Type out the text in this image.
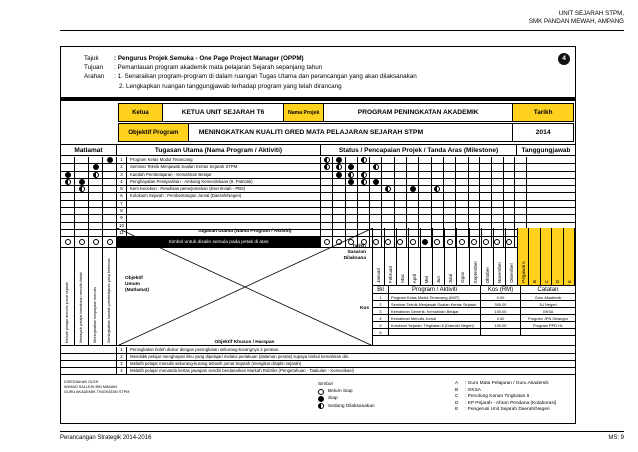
UNIT SEJARAH STPM,
SMK PANDAN MEWAH, AMPANG
4
Tajuk : Pengurus Projek Semuka - One Page Project Manager (OPPM)
Tujuan : Pemantauan program akademik mata pelajaran Sejarah sepanjang tahun
Arahan : 1. Senaraikan program-program di dalam ruangan Tugas Utama dan perancangan yang akan dilaksanakan
2. Lengkapkan ruangan tanggungjawab terhadap program yang telah dirancang
Ketua	KETUA UNIT SEJARAH T6	Nama Projek	PROGRAM PENINGKATAN AKADEMIK	Tarikh
Objektif Program	MENINGKATKAN KUALITI GRED MATA PELAJARAN SEJARAH STPM	2014
Matlamat	Tugasan Utama (Nama Program / Aktiviti)	Status / Pencapaian Projek / Tanda Aras (Milestone)	Tanggungjawab
1	Program Kelas Modul Terancang
2	Seminar Teknik Menjawab Soalan Kertas Sejarah STPM
3	Kaedah Pembelajaran - Kemahiran Belajar
4	Penghayatan Pesejarahan - Ambang Kemerdekaan (8. Patriotik)
5	Kem Kecekun : Penulisan penerjemahan (Esei Ilmiah - PBS)
6	Kolokium Sejarah : Pembentangan Jurnal (Daerah/Negeri)
7
8
9
10
11
Simbol untuk disalin semula pada petak di atas
Meluah pelajar menulis jurnal sejarah	Memupuk pelajar kemahiran menulis ilmiah	Meningkatkan keupayaan menulis	Meningkatkan kaedah pembelajaran yang berkesan
Tugasan Utama (Nama Program / Aktiviti)
Objektif
Umum
(Matlamat)
Tarikh
Sasaran
Dilaksana
Kos
Objektif Khusus / Harapan
Januari Februari Mac April Mei Jun Julai Ogos September Oktober November Disember Pegawai A B C D E
Bil	Program / Aktiviti	Kos (RM)	Catatan
1	Program Kelas Modul Terancang (KMT)	0.00	Guru Akademik
2	Seminar Teknik Menjawab Soalan Kertas Sejarah	300.00	JU Negeri
3	Kemahiran Generik: Kemahiran Belajar	100.00	GKSA
4	Kemahiran Menulis Jurnal	0.00	Program JPN Selangor
5	Kolokium Sejarah: Tingkatan 6 (Daerah/ Negeri)	100.00	Program PPD HL
6
1	Peningkatan boleh diukur dengan peningkatan sekurang-kurangnya 2 peratus.
2	Mendidik pelajar menghayati ilmu yang dipelajari melalui perlakuan (dalaman pentas) supaya timbul kemahiran diri.
3	Melatih pelajar menulis sekurang-kurang tebasih jurnal Sejarah (mengikut disiplin sejarah)
4	Melatih pelajar menanda kertas jawapan sendiri berdasarkan Markah Rubriks (Pengetahuan - Taakulan - Komunikasi)
DISEDIAKAN OLEH
AHMAD SALLEHI BIN MAMAN
GURU AKADEMIK TINGKATAN STPM
Simbol
Belum Siap
Siap
Sedang Dilaksanakan
A : Guru Mata Pelajaran / Guru Akademik
B : GKSA
C : Penolong Kanan Tingkatan 6
D : KP Pejarah - Ahran Pendana (Kolaborasi)
E : Pengerusi Unit Sejarah Daerah/Negeri
Perancangan Strategik 2014-2016	MS: 9
